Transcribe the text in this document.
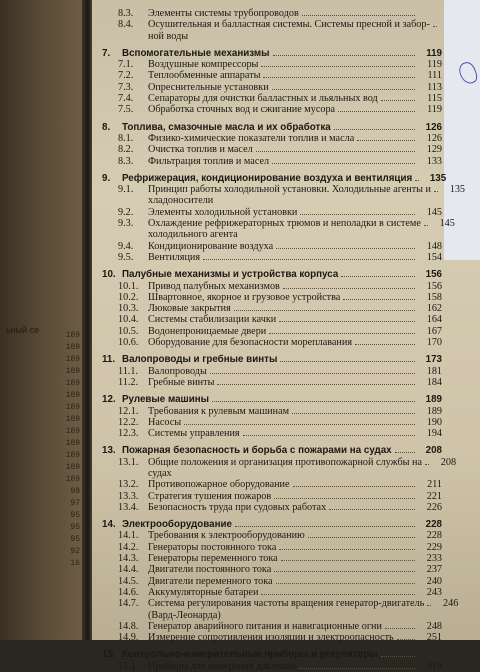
ьный се
189
189
189
189
189
189
189
189
189
189
189
189
189
98
97
95
95
95
92
16
8.3.	Элементы системы трубопроводов
8.4.	Осушительная и балластная системы. Системы пресной и забор-
ной воды
7.	Вспомогательные механизмы	119
7.1.	Воздушные компрессоры	119
7.2.	Теплообменные аппараты	111
7.3.	Опреснительные установки	113
7.4.	Сепараторы для очистки балластных и льяльных вод	115
7.5.	Обработка сточных вод и сжигание мусора	119
8.	Топлива, смазочные масла и их обработка	126
8.1.	Физико-химические показатели топлив и масла	126
8.2.	Очистка топлив и масел	129
8.3.	Фильтрация топлив и масел	133
9.	Рефрижерация, кондиционирование воздуха и вентиляция	135
9.1.	Принцип работы холодильной установки. Холодильные агенты и	135
хладоносители
9.2.	Элементы холодильной установки	145
9.3.	Охлаждение рефрижераторных трюмов и неполадки в системе	145
холодильного агента
9.4.	Кондиционирование воздуха	148
9.5.	Вентиляция	154
10. Палубные механизмы и устройства корпуса	156
10.1. Привод палубных механизмов	156
10.2. Швартовное, якорное и грузовое устройства	158
10.3. Люковые закрытия	162
10.4. Системы стабилизации качки	164
10.5. Водонепроницаемые двери	167
10.6. Оборудование для безопасности мореплавания	170
11. Валопроводы и гребные винты	173
11.1. Валопроводы	181
11.2. Гребные винты	184
12. Рулевые машины	189
12.1. Требования к рулевым машинам	189
12.2. Насосы	190
12.3. Системы управления	194
13. Пожарная безопасность и борьба с пожарами на судах	208
13.1. Общие положения и организация противопожарной службы на	208
судах
13.2. Противопожарное оборудование	211
13.3. Стратегия тушения пожаров	221
13.4. Безопасность труда при судовых работах	226
14. Электрооборудование	228
14.1. Требования к электрооборудованию	228
14.2. Генераторы постоянного тока	229
14.3. Генераторы переменного тока	233
14.4. Двигатели постоянного тока	237
14.5. Двигатели переменного тока	240
14.6. Аккумуляторные батареи	243
14.7. Система регулирования частоты вращения генератор-двигатель	246
(Вард-Леонарда)
14.8. Генератор аварийного питания и навигационные огни	248
14.9. Измерение сопротивления изоляции и электроопасность	251
15. Контрольно-измерительные приборы и регуляторы
15.1. Приборы для измерения давления	319
